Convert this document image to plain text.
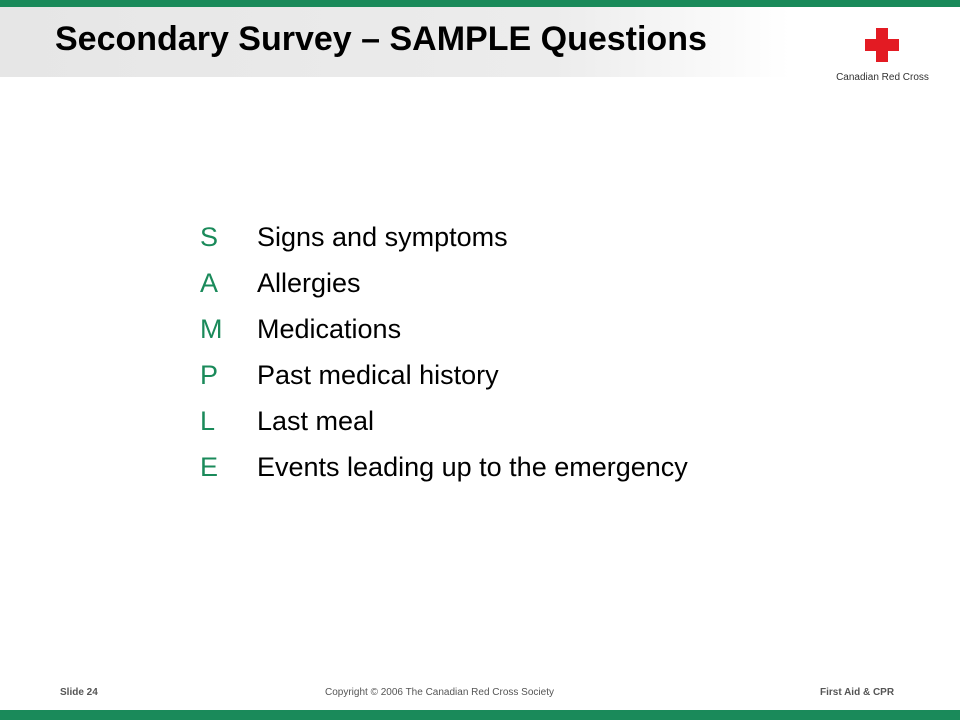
Secondary Survey – SAMPLE Questions
Canadian Red Cross
S	Signs and symptoms
A	Allergies
M	Medications
P	Past medical history
L	Last meal
E	Events leading up to the emergency
Slide 24	Copyright © 2006 The Canadian Red Cross Society	First Aid & CPR
